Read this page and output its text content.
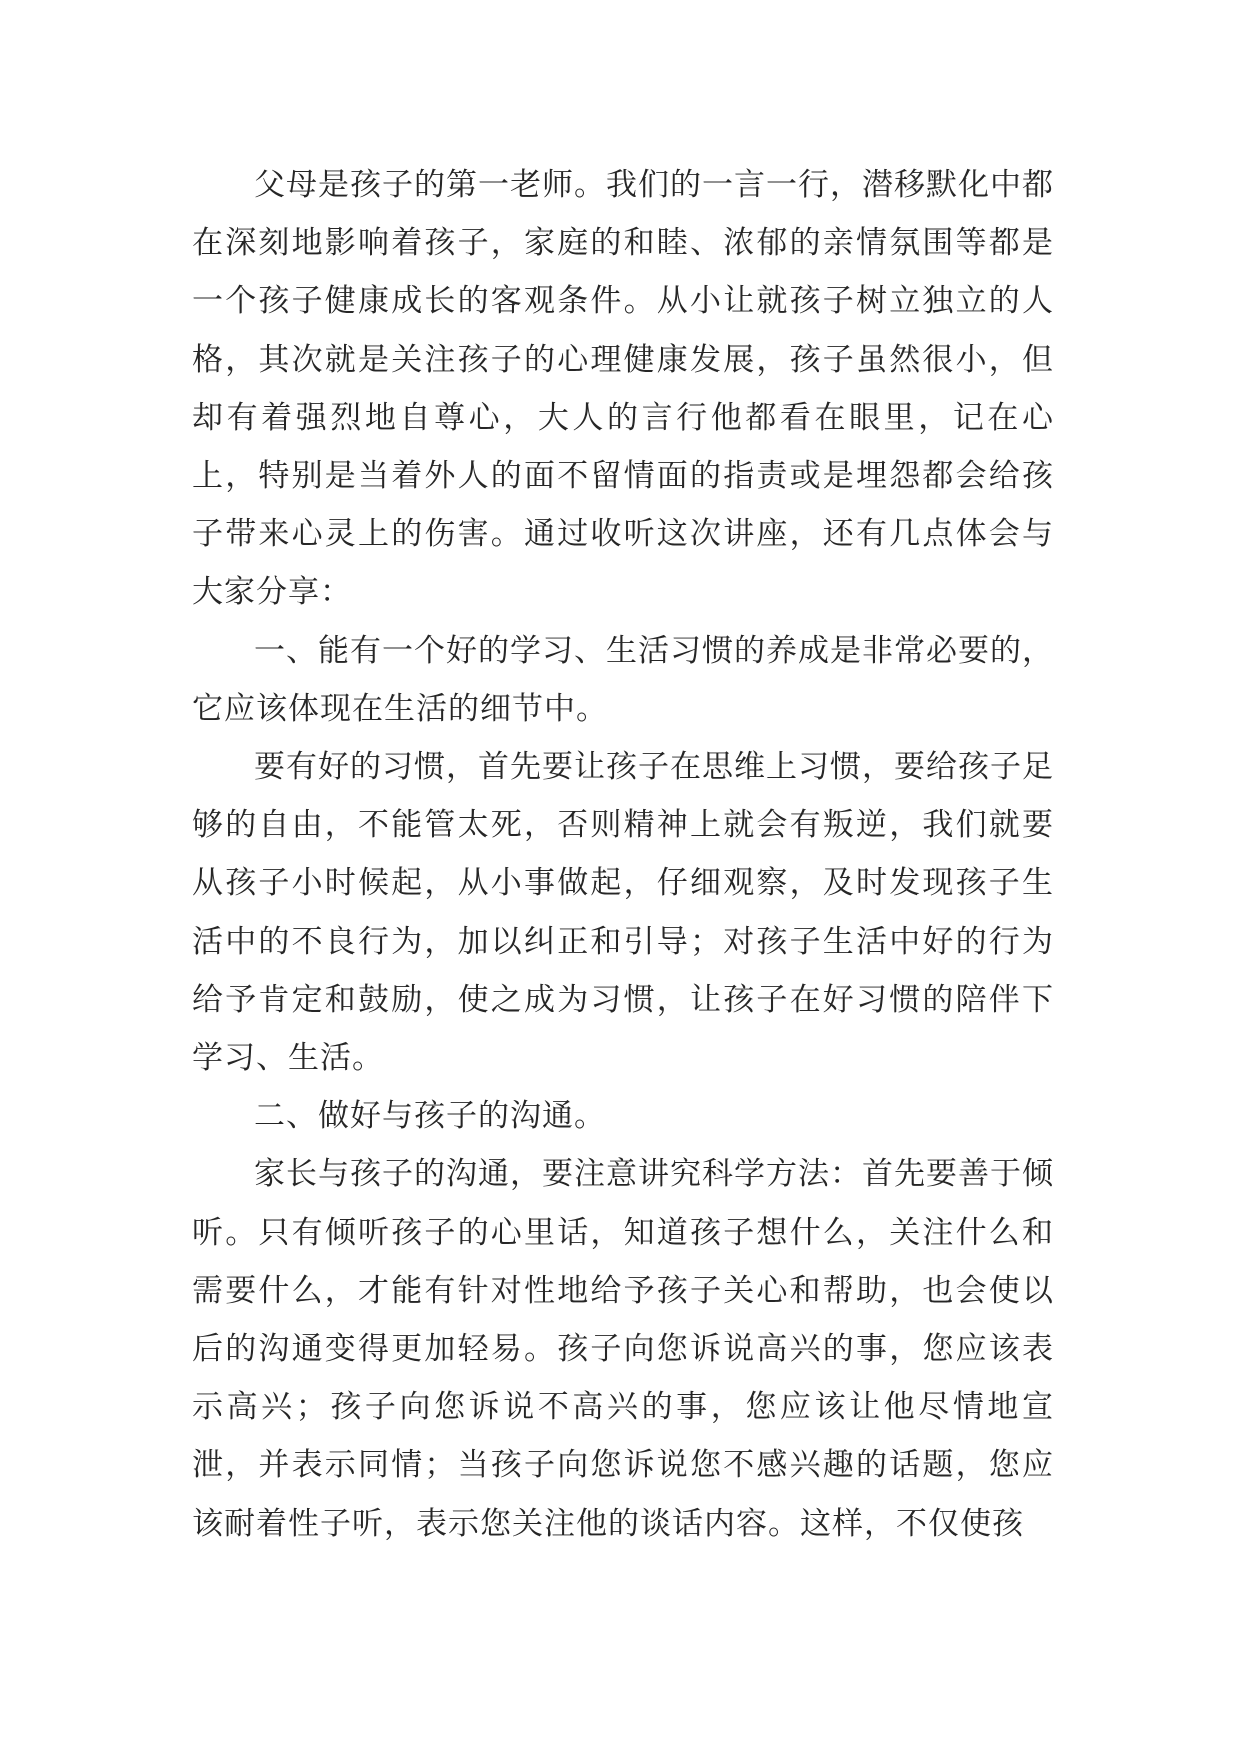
父母是孩子的第一老师。我们的一言一行，潜移默化中都在深刻地影响着孩子，家庭的和睦、浓郁的亲情氛围等都是一个孩子健康成长的客观条件。从小让就孩子树立独立的人格，其次就是关注孩子的心理健康发展，孩子虽然很小，但却有着强烈地自尊心，大人的言行他都看在眼里，记在心上，特别是当着外人的面不留情面的指责或是埋怨都会给孩子带来心灵上的伤害。通过收听这次讲座，还有几点体会与大家分享：

一、能有一个好的学习、生活习惯的养成是非常必要的，它应该体现在生活的细节中。

要有好的习惯，首先要让孩子在思维上习惯，要给孩子足够的自由，不能管太死，否则精神上就会有叛逆，我们就要从孩子小时候起，从小事做起，仔细观察，及时发现孩子生活中的不良行为，加以纠正和引导；对孩子生活中好的行为给予肯定和鼓励，使之成为习惯，让孩子在好习惯的陪伴下学习、生活。

二、做好与孩子的沟通。

家长与孩子的沟通，要注意讲究科学方法：首先要善于倾听。只有倾听孩子的心里话，知道孩子想什么，关注什么和需要什么，才能有针对性地给予孩子关心和帮助，也会使以后的沟通变得更加轻易。孩子向您诉说高兴的事，您应该表示高兴；孩子向您诉说不高兴的事，您应该让他尽情地宣泄，并表示同情；当孩子向您诉说您不感兴趣的话题，您应该耐着性子听，表示您关注他的谈话内容。这样，不仅使孩
